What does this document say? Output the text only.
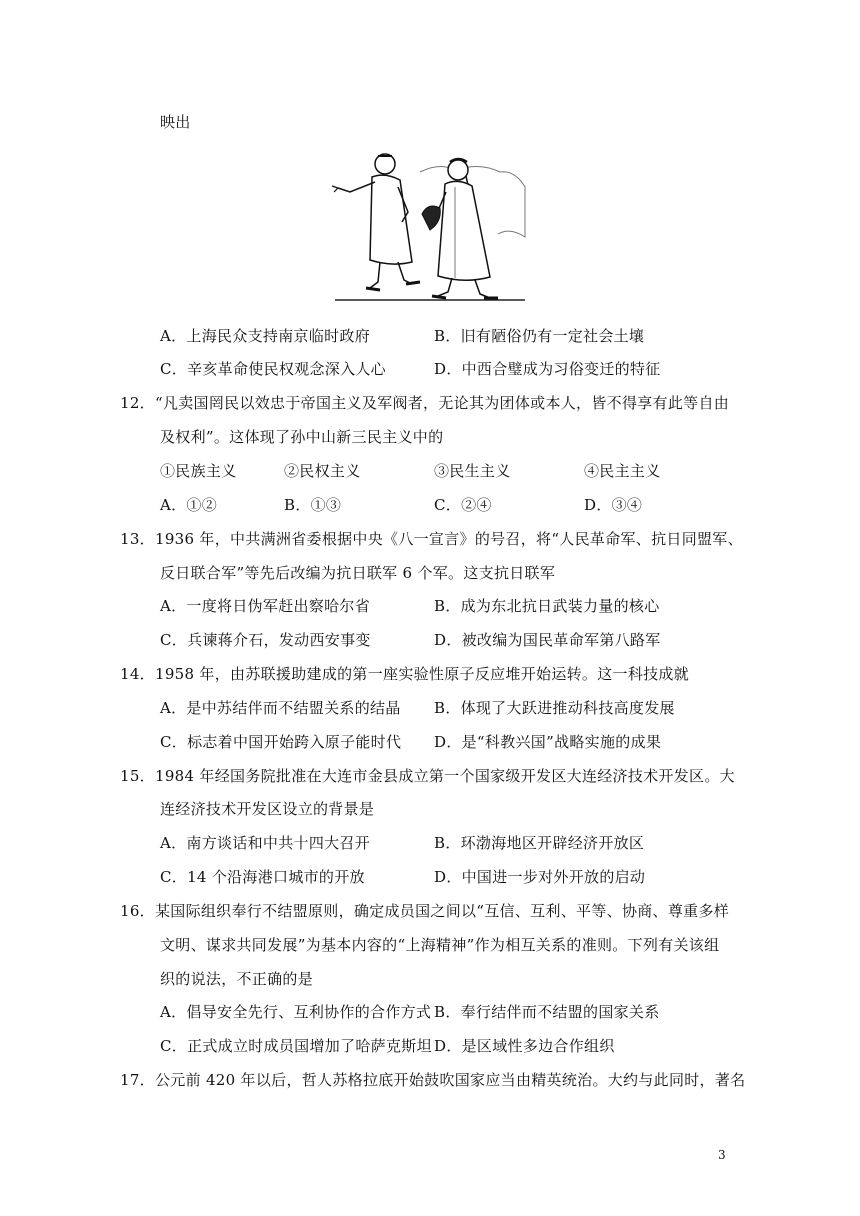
映出
A．上海民众支持南京临时政府	B．旧有陋俗仍有一定社会土壤
C．辛亥革命使民权观念深入人心	D．中西合璧成为习俗变迁的特征
12．“凡卖国罔民以效忠于帝国主义及军阀者，无论其为团体或本人，皆不得享有此等自由
及权利”。这体现了孙中山新三民主义中的
①民族主义	②民权主义	③民生主义	④民主主义
A．①②	B．①③	C．②④	D．③④
13．1936 年，中共满洲省委根据中央《八一宣言》的号召，将“人民革命军、抗日同盟军、
反日联合军”等先后改编为抗日联军 6 个军。这支抗日联军
A．一度将日伪军赶出察哈尔省	B．成为东北抗日武装力量的核心
C．兵谏蒋介石，发动西安事变	D．被改编为国民革命军第八路军
14．1958 年，由苏联援助建成的第一座实验性原子反应堆开始运转。这一科技成就
A．是中苏结伴而不结盟关系的结晶 B．体现了大跃进推动科技高度发展
C．标志着中国开始跨入原子能时代 D．是“科教兴国”战略实施的成果
15．1984 年经国务院批准在大连市金县成立第一个国家级开发区大连经济技术开发区。大
连经济技术开发区设立的背景是
A．南方谈话和中共十四大召开	B．环渤海地区开辟经济开放区
C．14 个沿海港口城市的开放	D．中国进一步对外开放的启动
16．某国际组织奉行不结盟原则，确定成员国之间以“互信、互利、平等、协商、尊重多样
文明、谋求共同发展”为基本内容的“上海精神”作为相互关系的准则。下列有关该组
织的说法，不正确的是
A．倡导安全先行、互利协作的合作方式 B．奉行结伴而不结盟的国家关系
C．正式成立时成员国增加了哈萨克斯坦 D．是区域性多边合作组织
17．公元前 420 年以后，哲人苏格拉底开始鼓吹国家应当由精英统治。大约与此同时，著名
3
